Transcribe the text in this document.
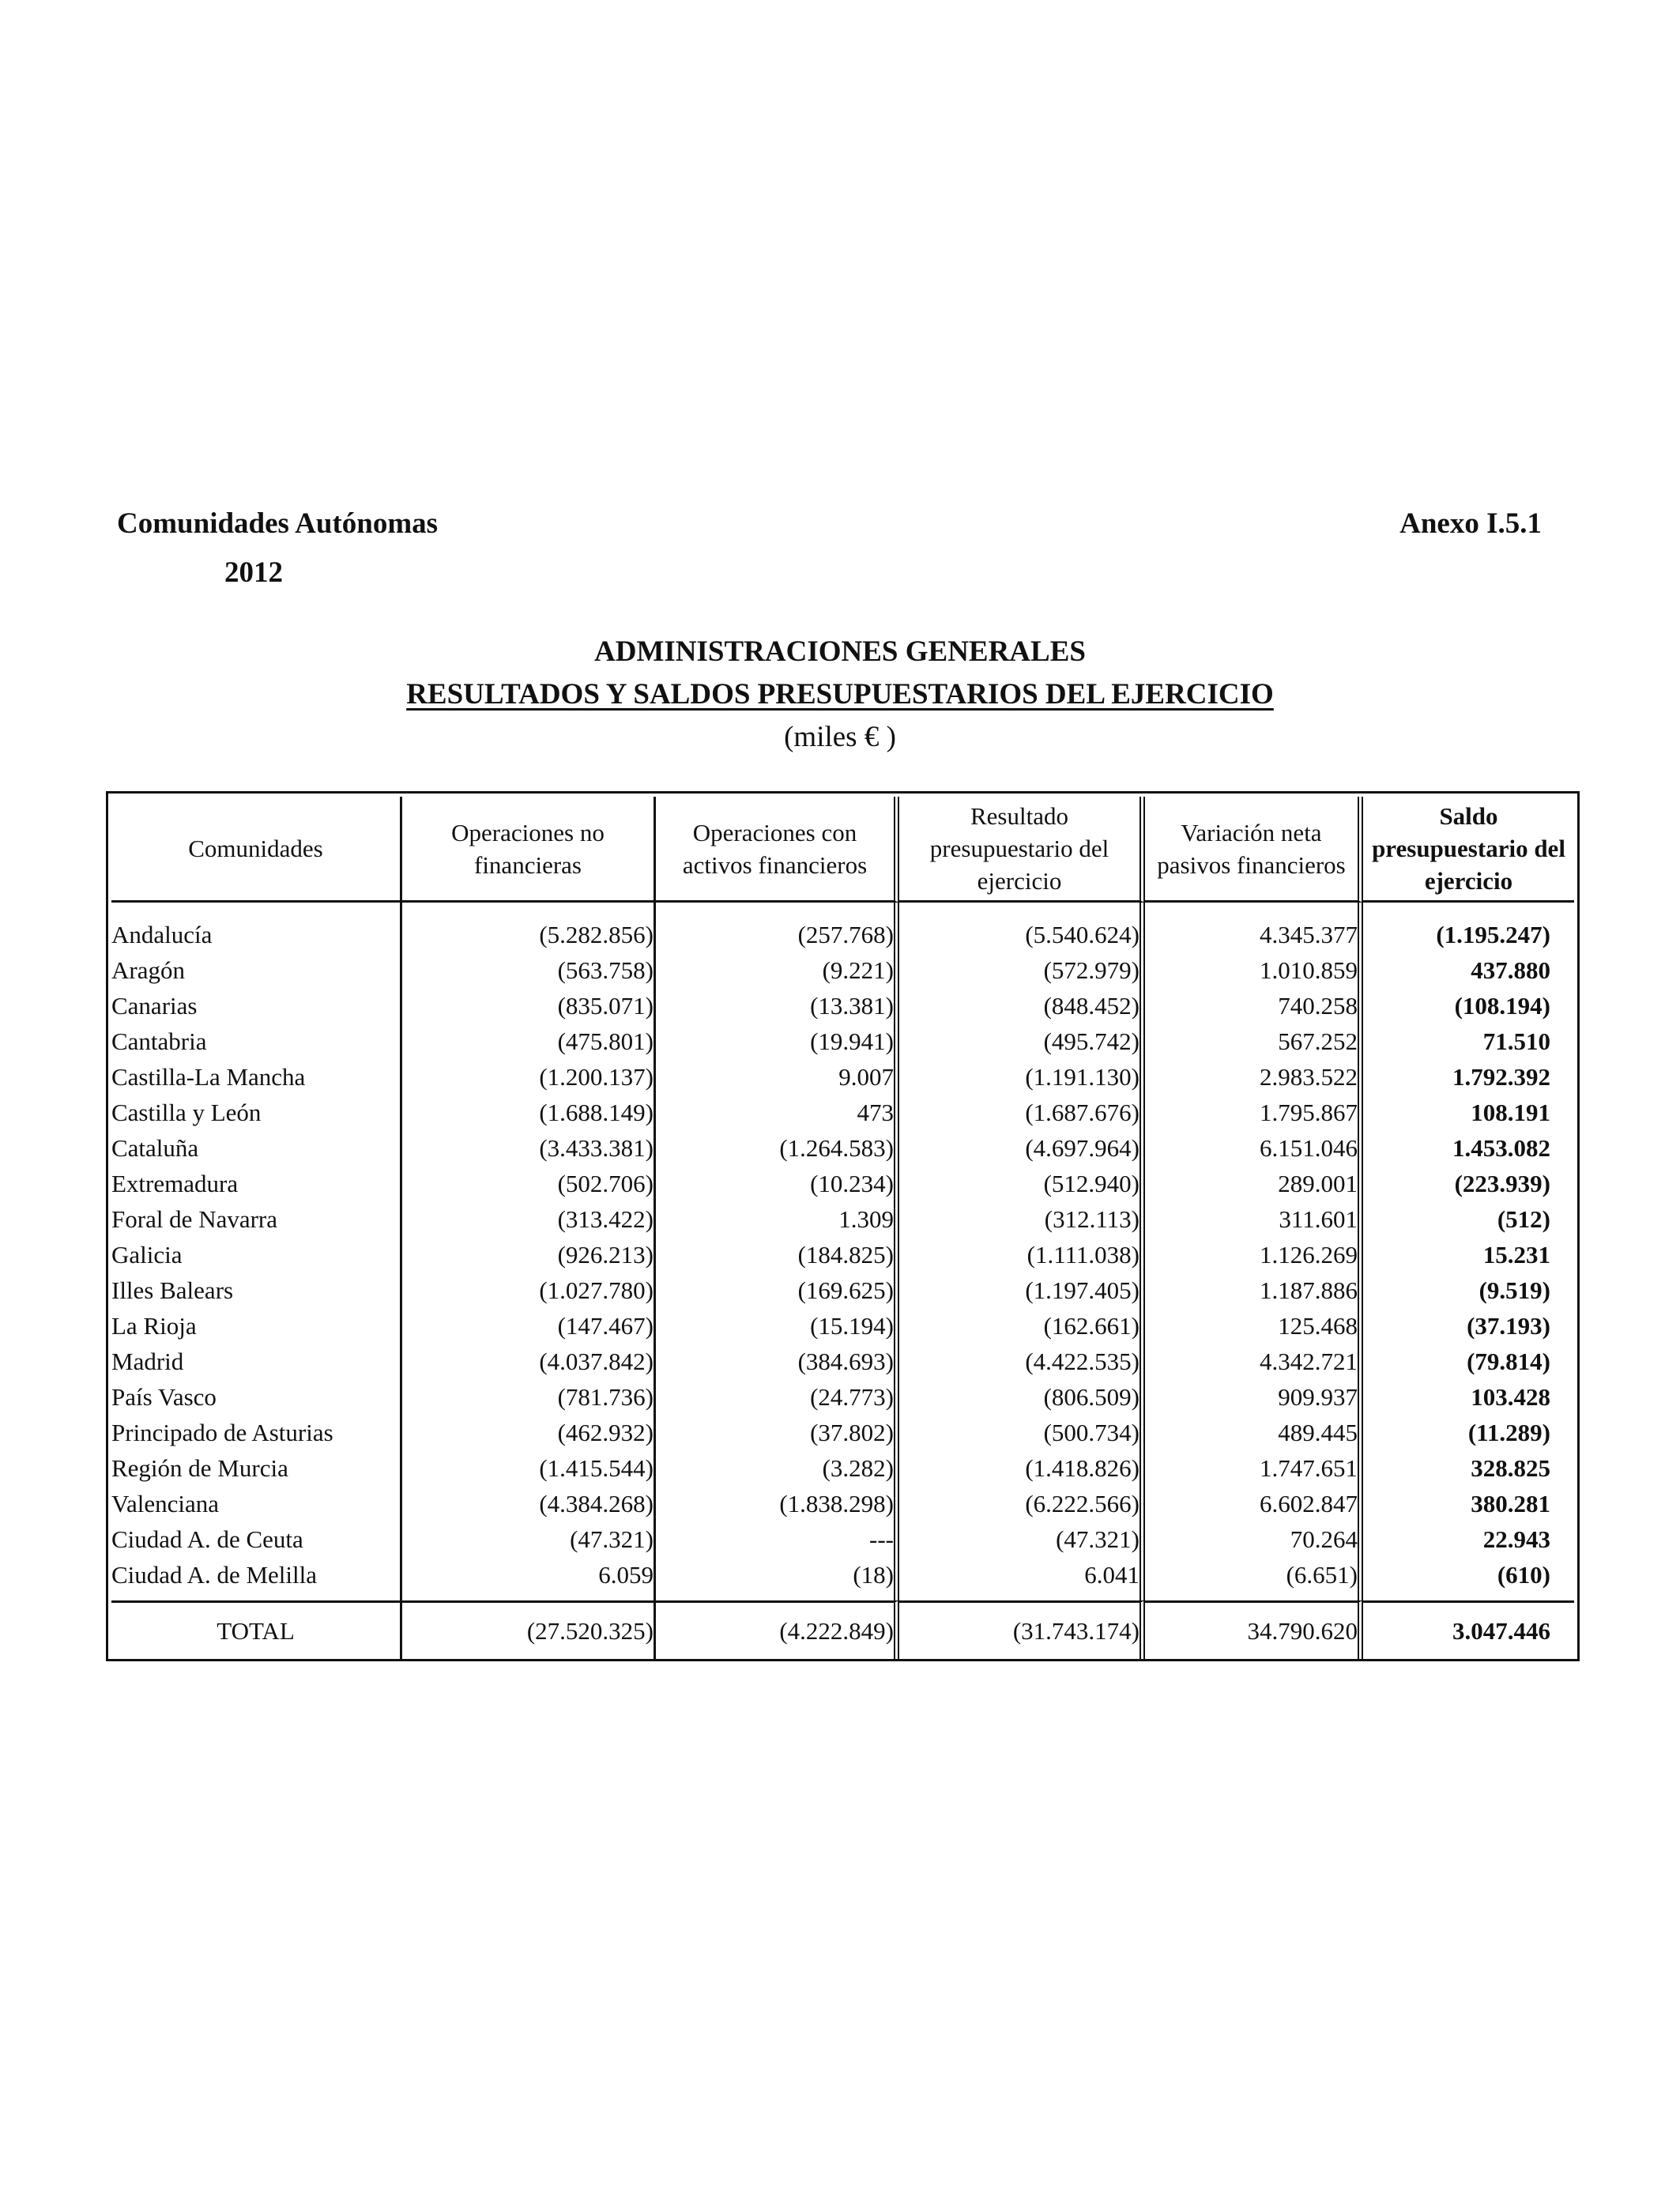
Comunidades Autónomas
2012
Anexo I.5.1
ADMINISTRACIONES GENERALES
RESULTADOS Y SALDOS PRESUPUESTARIOS DEL EJERCICIO
(miles € )
Comunidades	Operaciones no financieras	Operaciones con activos financieros	Resultado presupuestario del ejercicio	Variación neta pasivos financieros	Saldo presupuestario del ejercicio
Andalucía	(5.282.856)	(257.768)	(5.540.624)	4.345.377	(1.195.247)
Aragón	(563.758)	(9.221)	(572.979)	1.010.859	437.880
Canarias	(835.071)	(13.381)	(848.452)	740.258	(108.194)
Cantabria	(475.801)	(19.941)	(495.742)	567.252	71.510
Castilla-La Mancha	(1.200.137)	9.007	(1.191.130)	2.983.522	1.792.392
Castilla y León	(1.688.149)	473	(1.687.676)	1.795.867	108.191
Cataluña	(3.433.381)	(1.264.583)	(4.697.964)	6.151.046	1.453.082
Extremadura	(502.706)	(10.234)	(512.940)	289.001	(223.939)
Foral de Navarra	(313.422)	1.309	(312.113)	311.601	(512)
Galicia	(926.213)	(184.825)	(1.111.038)	1.126.269	15.231
Illes Balears	(1.027.780)	(169.625)	(1.197.405)	1.187.886	(9.519)
La Rioja	(147.467)	(15.194)	(162.661)	125.468	(37.193)
Madrid	(4.037.842)	(384.693)	(4.422.535)	4.342.721	(79.814)
País Vasco	(781.736)	(24.773)	(806.509)	909.937	103.428
Principado de Asturias	(462.932)	(37.802)	(500.734)	489.445	(11.289)
Región de Murcia	(1.415.544)	(3.282)	(1.418.826)	1.747.651	328.825
Valenciana	(4.384.268)	(1.838.298)	(6.222.566)	6.602.847	380.281
Ciudad A. de Ceuta	(47.321)	---	(47.321)	70.264	22.943
Ciudad A. de Melilla	6.059	(18)	6.041	(6.651)	(610)
TOTAL	(27.520.325)	(4.222.849)	(31.743.174)	34.790.620	3.047.446
